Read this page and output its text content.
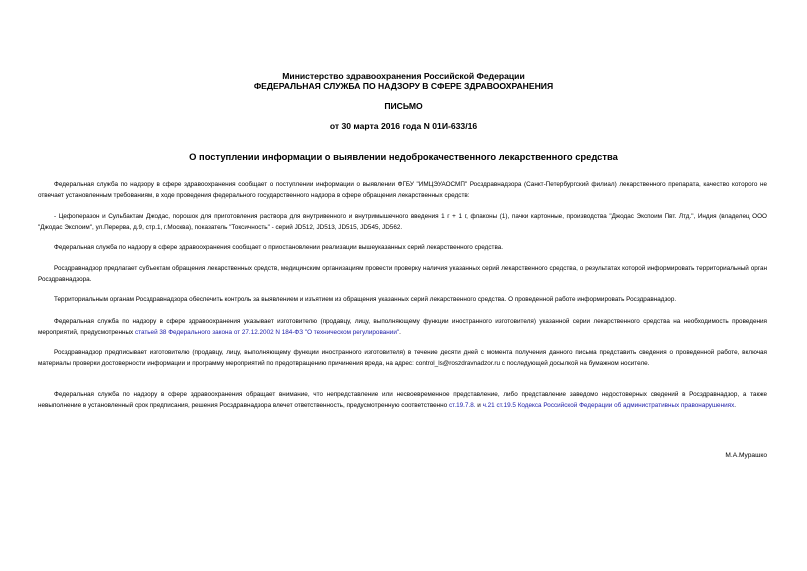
Министерство здравоохранения Российской Федерации
ФЕДЕРАЛЬНАЯ СЛУЖБА ПО НАДЗОРУ В СФЕРЕ ЗДРАВООХРАНЕНИЯ
ПИСЬМО
от 30 марта 2016 года N 01И-633/16
О поступлении информации о выявлении недоброкачественного лекарственного средства

Федеральная служба по надзору в сфере здравоохранения сообщает о поступлении информации о выявлении ФГБУ "ИМЦЭУАОСМП" Росздравнадзора (Санкт-Петербургский филиал) лекарственного препарата, качество которого не отвечает установленным требованиям, в ходе проведения федерального государственного надзора в сфере обращения лекарственных средств:

- Цефоперазон и Сульбактам Джодас, порошок для приготовления раствора для внутривенного и внутримышечного введения 1 г + 1 г, флаконы (1), пачки картонные, производства "Джодас Экспоим Пвт. Лтд.", Индия (владелец ООО "Джодас Экспоим", ул.Перерва, д.9, стр.1, г.Москва), показатель "Токсичность" - серий JD512, JD513, JD515, JD545, JD562.

Федеральная служба по надзору в сфере здравоохранения сообщает о приостановлении реализации вышеуказанных серий лекарственного средства.

Росздравнадзор предлагает субъектам обращения лекарственных средств, медицинским организациям провести проверку наличия указанных серий лекарственного средства, о результатах которой информировать территориальный орган Росздравнадзора.

Территориальным органам Росздравнадзора обеспечить контроль за выявлением и изъятием из обращения указанных серий лекарственного средства. О проведенной работе информировать Росздравнадзор.

Федеральная служба по надзору в сфере здравоохранения указывает изготовителю (продавцу, лицу, выполняющему функции иностранного изготовителя) указанной серии лекарственного средства на необходимость проведения мероприятий, предусмотренных статьей 38 Федерального закона от 27.12.2002 N 184-ФЗ "О техническом регулировании".

Росздравнадзор предписывает изготовителю (продавцу, лицу, выполняющему функции иностранного изготовителя) в течение десяти дней с момента получения данного письма представить сведения о проведенной работе, включая материалы проверки достоверности информации и программу мероприятий по предотвращению причинения вреда, на адрес: control_ls@roszdravnadzor.ru с последующей досылкой на бумажном носителе.

Федеральная служба по надзору в сфере здравоохранения обращает внимание, что непредставление или несвоевременное представление, либо представление заведомо недостоверных сведений в Росздравнадзор, а также невыполнение в установленный срок предписания, решения Росздравнадзора влечет ответственность, предусмотренную соответственно ст.19.7.8. и ч.21 ст.19.5 Кодекса Российской Федерации об административных правонарушениях.

М.А.Мурашко
